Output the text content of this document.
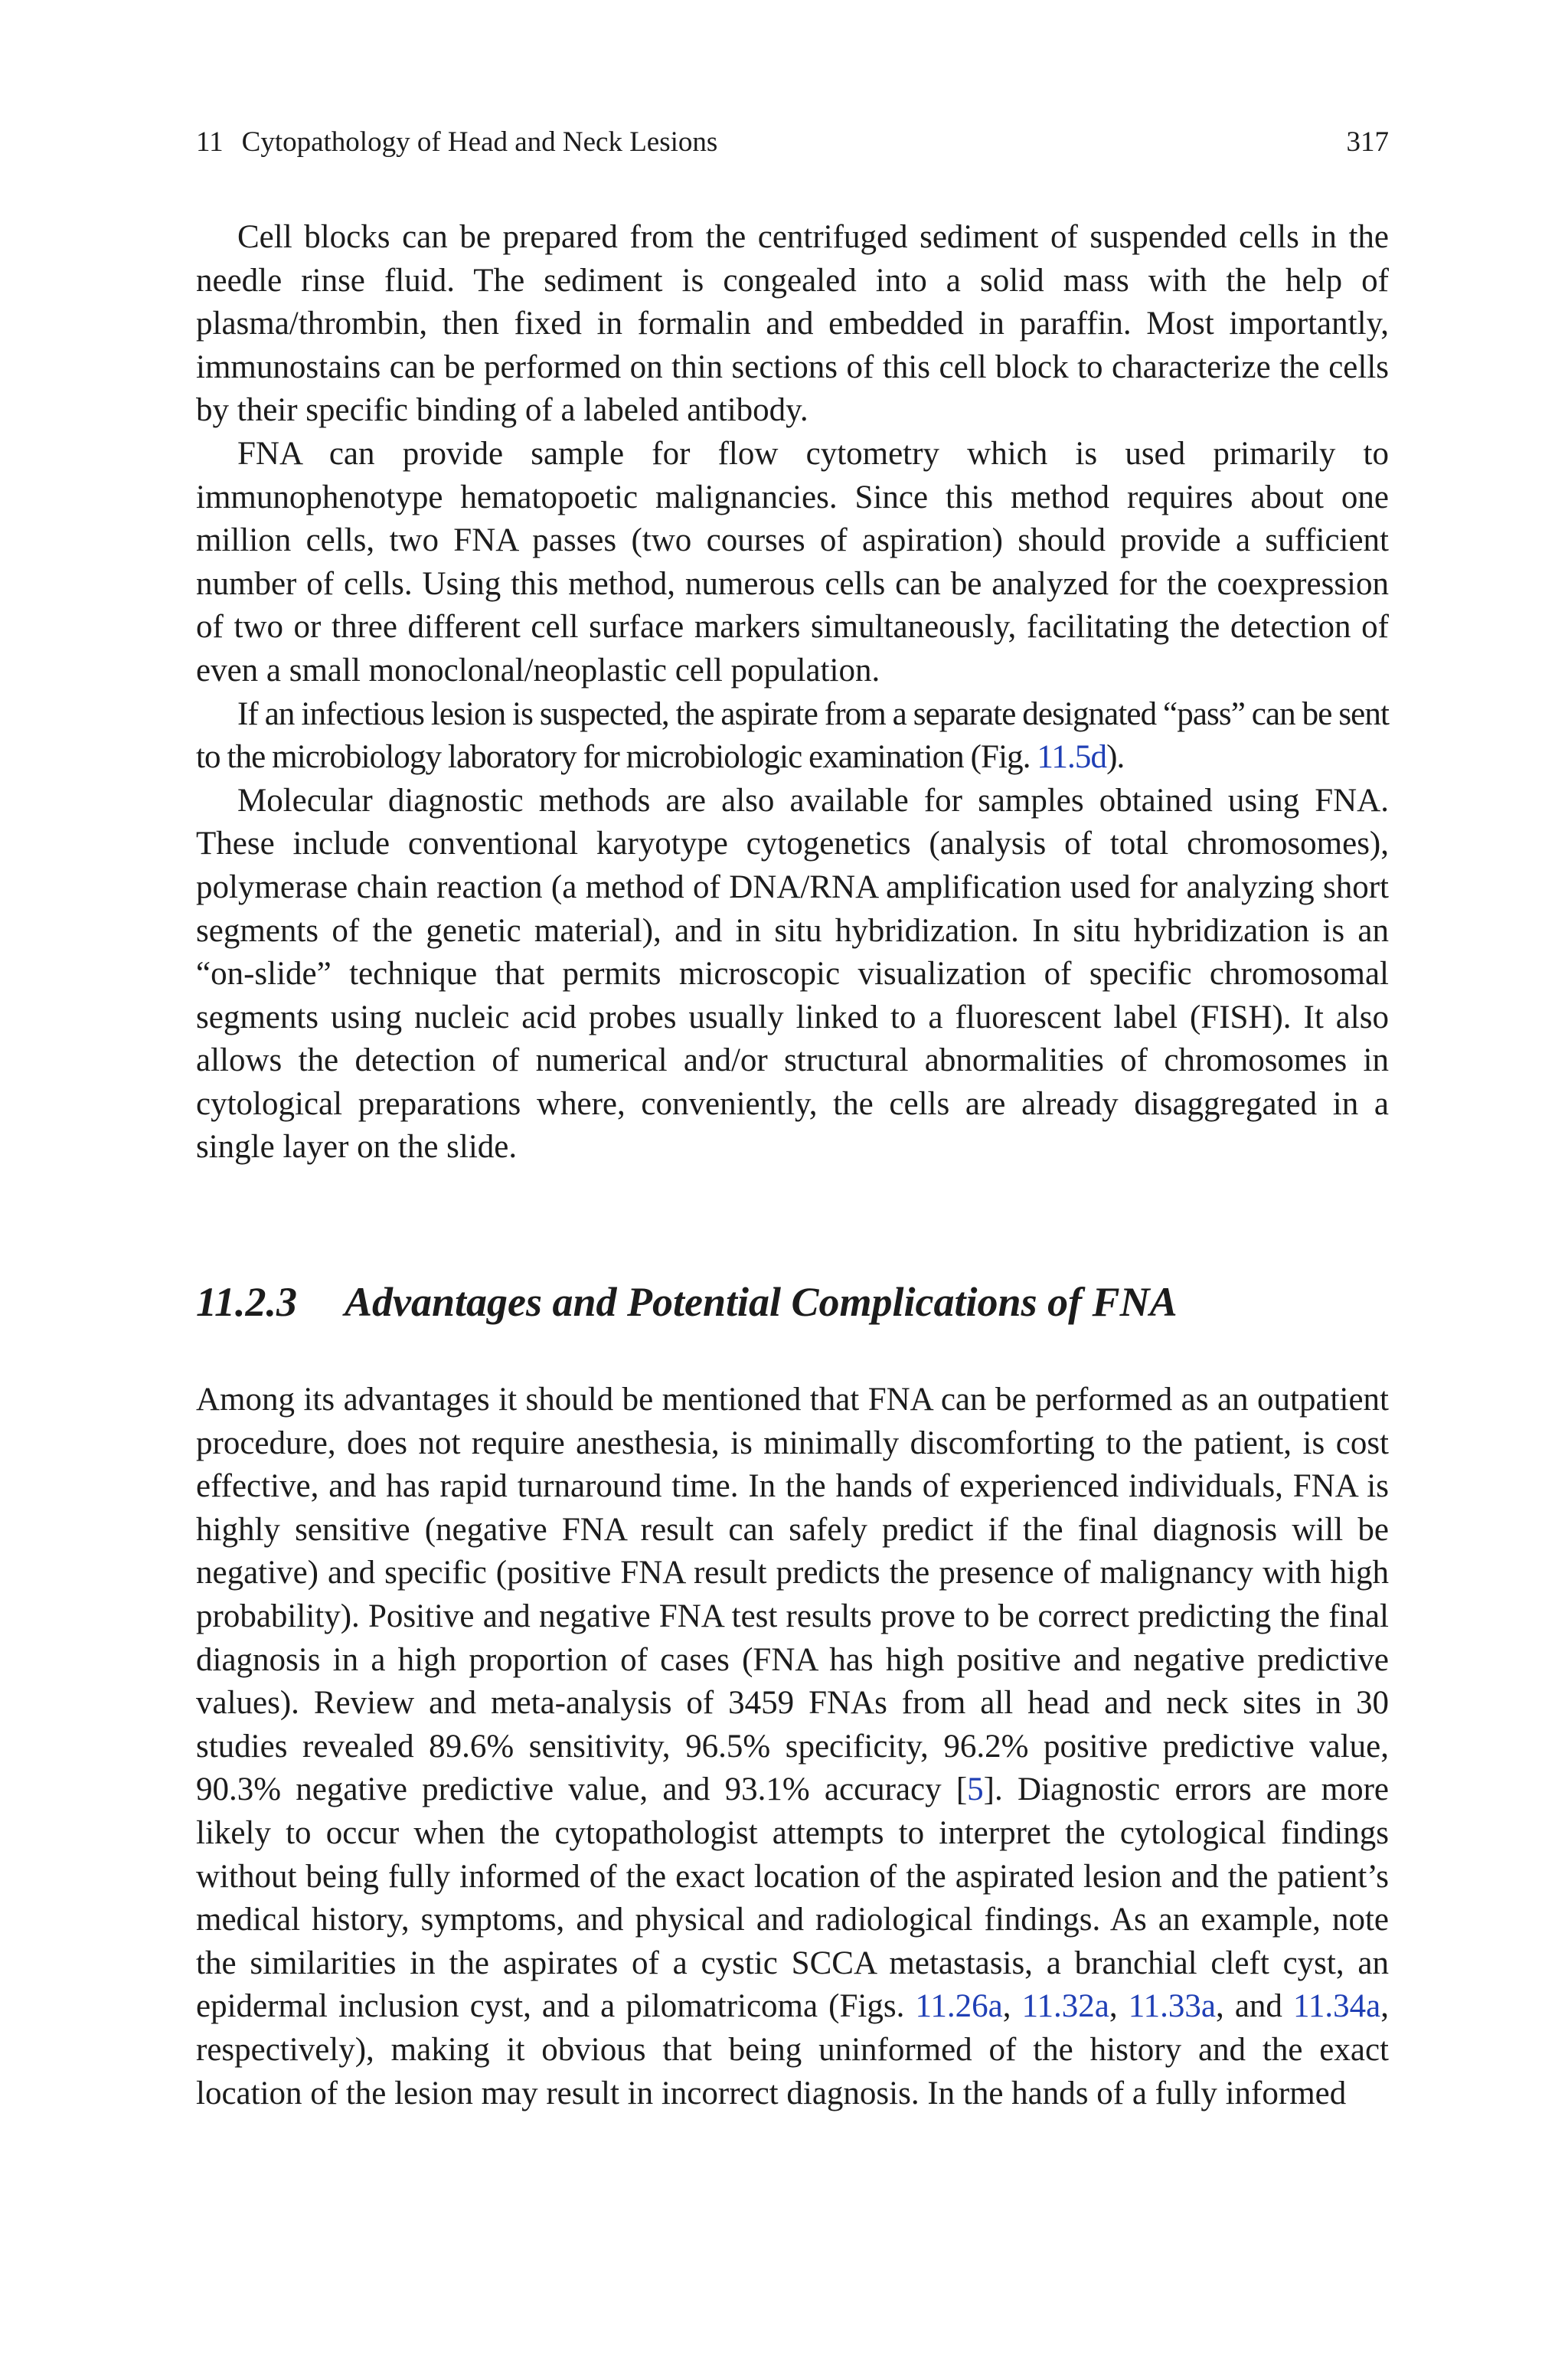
11 Cytopathology of Head and Neck Lesions	317

Cell blocks can be prepared from the centrifuged sediment of suspended cells in the needle rinse fluid. The sediment is congealed into a solid mass with the help of plasma/thrombin, then fixed in formalin and embedded in paraffin. Most importantly, immunostains can be performed on thin sections of this cell block to characterize the cells by their specific binding of a labeled antibody.

FNA can provide sample for flow cytometry which is used primarily to immunophenotype hematopoetic malignancies. Since this method requires about one million cells, two FNA passes (two courses of aspiration) should provide a sufficient number of cells. Using this method, numerous cells can be analyzed for the coexpression of two or three different cell surface markers simultaneously, facilitating the detection of even a small monoclonal/neoplastic cell population.

If an infectious lesion is suspected, the aspirate from a separate designated “pass” can be sent to the microbiology laboratory for microbiologic examination (Fig. 11.5d).

Molecular diagnostic methods are also available for samples obtained using FNA. These include conventional karyotype cytogenetics (analysis of total chromosomes), polymerase chain reaction (a method of DNA/RNA amplification used for analyzing short segments of the genetic material), and in situ hybridization. In situ hybridization is an “on-slide” technique that permits microscopic visualization of specific chromosomal segments using nucleic acid probes usually linked to a fluorescent label (FISH). It also allows the detection of numerical and/or structural abnormalities of chromosomes in cytological preparations where, conveniently, the cells are already disaggregated in a single layer on the slide.

11.2.3 Advantages and Potential Complications of FNA

Among its advantages it should be mentioned that FNA can be performed as an outpatient procedure, does not require anesthesia, is minimally discomforting to the patient, is cost effective, and has rapid turnaround time. In the hands of experienced individuals, FNA is highly sensitive (negative FNA result can safely predict if the final diagnosis will be negative) and specific (positive FNA result predicts the presence of malignancy with high probability). Positive and negative FNA test results prove to be correct predicting the final diagnosis in a high proportion of cases (FNA has high positive and negative predictive values). Review and meta-analysis of 3459 FNAs from all head and neck sites in 30 studies revealed 89.6% sensitivity, 96.5% specificity, 96.2% positive predictive value, 90.3% negative predictive value, and 93.1% accuracy [5]. Diagnostic errors are more likely to occur when the cytopathologist attempts to interpret the cytological findings without being fully informed of the exact location of the aspirated lesion and the patient’s medical history, symptoms, and physical and radiological findings. As an example, note the similarities in the aspirates of a cystic SCCA metastasis, a branchial cleft cyst, an epidermal inclusion cyst, and a pilomatricoma (Figs. 11.26a, 11.32a, 11.33a, and 11.34a, respectively), making it obvious that being uninformed of the history and the exact location of the lesion may result in incorrect diagnosis. In the hands of a fully informed
